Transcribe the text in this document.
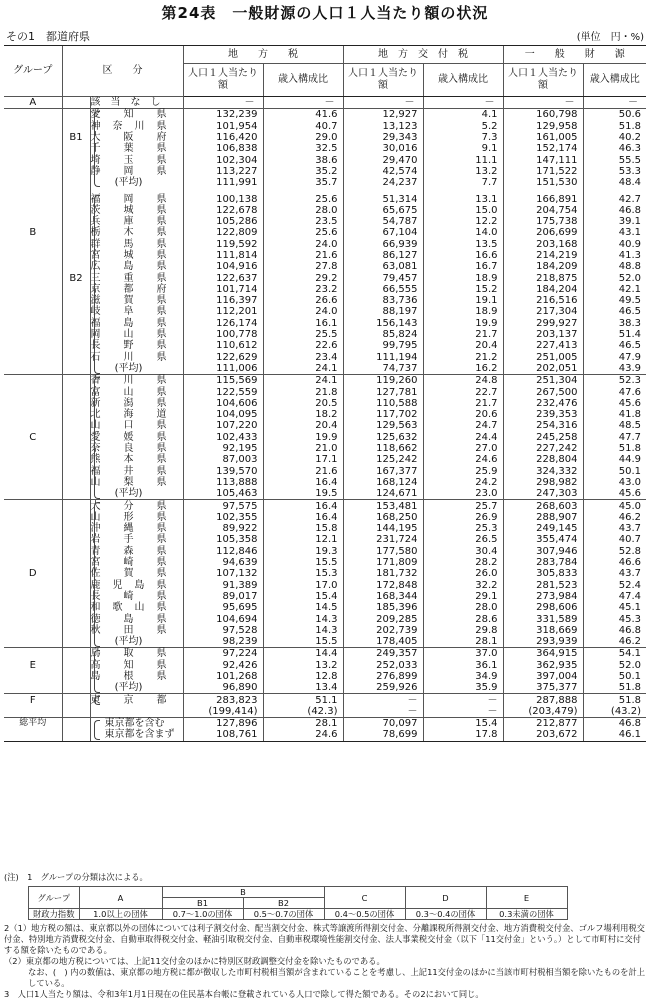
第24表　一般財源の人口１人当たり額の状況
その1　都道府県	(単位　円・%)
グループ	区　　分		地　　方　　税		地　方　交　付　税		一　　般　　財　　源	
			人口１人当たり額	歳入構成比	人口１人当たり額	歳入構成比	人口１人当たり額	歳入構成比
A		該当なし	－	－	－	－	－	－
		愛知県	132,239	41.6	12,927	4.1	160,798	50.6
		神奈川県	101,954	40.7	13,123	5.2	129,958	51.8
	B1	大阪府	116,420	29.0	29,343	7.3	161,005	40.2
		千葉県	106,838	32.5	30,016	9.1	152,174	46.3
		埼玉県	102,304	38.6	29,470	11.1	147,111	55.5
		静岡県	113,227	35.2	42,574	13.2	171,522	53.3
		(平均)	111,991	35.7	24,237	7.7	151,530	48.4

		福岡県	100,138	25.6	51,314	13.1	166,891	42.7
		茨城県	122,678	28.0	65,675	15.0	204,754	46.8
		兵庫県	105,286	23.5	54,787	12.2	175,738	39.1
B		栃木県	122,809	25.6	67,104	14.0	206,699	43.1
		群馬県	119,592	24.0	66,939	13.5	203,168	40.9
		宮城県	111,814	21.6	86,127	16.6	214,219	41.3
		広島県	104,916	27.8	63,081	16.7	184,209	48.8
	B2	三重県	122,637	29.2	79,457	18.9	218,875	52.0
		京都府	101,714	23.2	66,555	15.2	184,204	42.1
		滋賀県	116,397	26.6	83,736	19.1	216,516	49.5
		岐阜県	112,201	24.0	88,197	18.9	217,304	46.5
		福島県	126,174	16.1	156,143	19.9	299,927	38.3
		岡山県	100,778	25.5	85,824	21.7	203,137	51.4
		長野県	110,612	22.6	99,795	20.4	227,413	46.5
		石川県	122,629	23.4	111,194	21.2	251,005	47.9
		(平均)	111,006	24.1	74,737	16.2	202,051	43.9
		香川県	115,569	24.1	119,260	24.8	251,304	52.3
		富山県	122,559	21.8	127,781	22.7	267,500	47.6
		新潟県	104,606	20.5	110,588	21.7	232,476	45.6
		北海道	104,095	18.2	117,702	20.6	239,353	41.8
		山口県	107,220	20.4	129,563	24.7	254,316	48.5
C		愛媛県	102,433	19.9	125,632	24.4	245,258	47.7
		奈良県	92,195	21.0	118,662	27.0	227,242	51.8
		熊本県	87,003	17.1	125,242	24.6	228,804	44.9
		福井県	139,570	21.6	167,377	25.9	324,332	50.1
		山梨県	113,888	16.4	168,124	24.2	298,982	43.0
		(平均)	105,463	19.5	124,671	23.0	247,303	45.6
		大分県	97,575	16.4	153,481	25.7	268,603	45.0
		山形県	102,355	16.4	168,250	26.9	288,907	46.2
		沖縄県	89,922	15.8	144,195	25.3	249,145	43.7
		岩手県	105,358	12.1	231,724	26.5	355,474	40.7
		青森県	112,846	19.3	177,580	30.4	307,946	52.8
		宮崎県	94,639	15.5	171,809	28.2	283,784	46.6
D		佐賀県	107,132	15.3	181,732	26.0	305,833	43.7
		鹿児島県	91,389	17.0	172,848	32.2	281,523	52.4
		長崎県	89,017	15.4	168,344	29.1	273,984	47.4
		和歌山県	95,695	14.5	185,396	28.0	298,606	45.1
		徳島県	104,694	14.3	209,285	28.6	331,589	45.3
		秋田県	97,528	14.3	202,739	29.8	318,669	46.8
		(平均)	98,239	15.5	178,405	28.1	293,939	46.2
		鳥取県	97,224	14.4	249,357	37.0	364,915	54.1
E		高知県	92,426	13.2	252,033	36.1	362,935	52.0
		島根県	101,268	12.8	276,899	34.9	397,004	50.1
		(平均)	96,890	13.4	259,926	35.9	375,377	51.8
F		東京都	283,823	51.1	－	－	287,888	51.8
			(199,414)	(42.3)	－	－	(203,479)	(43.2)
総平均		東京都を含む	127,896	28.1	70,097	15.4	212,877	46.8
		東京都を含まず	108,761	24.6	78,699	17.8	203,672	46.1

(注)　1　グループの分類は次による。

グループ	A	B		C	D	E
		B1	B2			
財政力指数	1.0以上の団体	0.7〜1.0の団体	0.5〜0.7の団体	0.4〜0.5の団体	0.3〜0.4の団体	0.3未満の団体

2（1）地方税の額は、東京都以外の団体については利子割交付金、配当割交付金、株式等譲渡所得割交付金、分離課税所得割交付金、地方消費税交付金、ゴルフ場利用税交付金、特別地方消費税交付金、自動車取得税交付金、軽油引取税交付金、自動車税環境性能割交付金、法人事業税交付金（以下「11交付金」という。）として市町村に交付する額を除いたものである。

（2）東京都の地方税については、上記11交付金のほかに特別区財政調整交付金を除いたものである。

なお、(　) 内の数値は、東京都の地方税に都が徴収した市町村税相当額が含まれていることを考慮し、上記11交付金のほかに当該市町村税相当額を除いたものを計上している。

3　人口1人当たり額は、令和3年1月1日現在の住民基本台帳に登載されている人口で除して得た額である。その2において同じ。
